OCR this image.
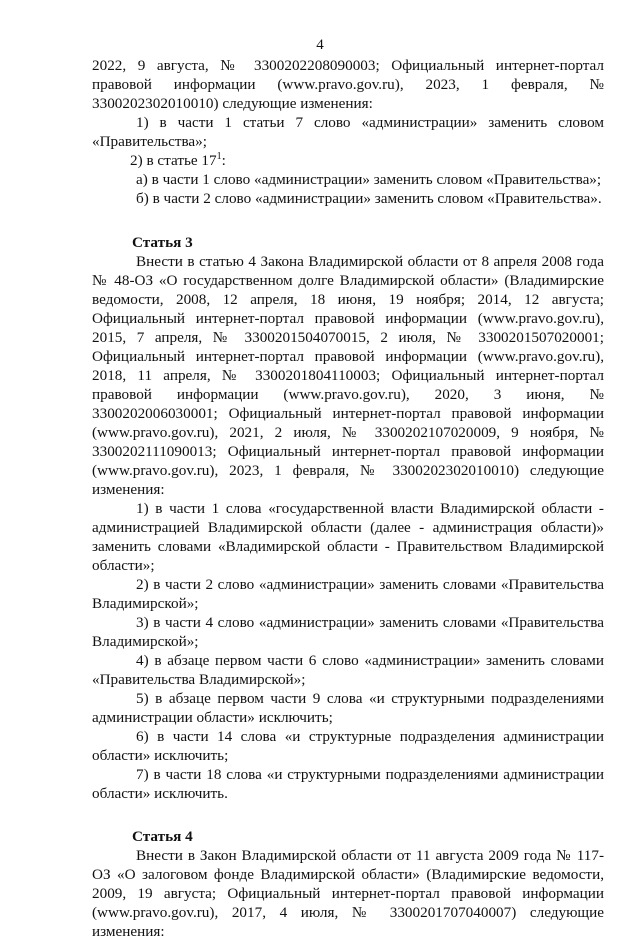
4

2022, 9 августа, № 3300202208090003; Официальный интернет-портал правовой информации (www.pravo.gov.ru), 2023, 1 февраля, № 3300202302010010) следующие изменения:

1) в части 1 статьи 7 слово «администрации» заменить словом «Правительства»;

2) в статье $17^1$:

а) в части 1 слово «администрации» заменить словом «Правительства»;

б) в части 2 слово «администрации» заменить словом «Правительства».

Статья 3

Внести в статью 4 Закона Владимирской области от 8 апреля 2008 года № 48-ОЗ «О государственном долге Владимирской области» (Владимирские ведомости, 2008, 12 апреля, 18 июня, 19 ноября; 2014, 12 августа; Официальный интернет-портал правовой информации (www.pravo.gov.ru), 2015, 7 апреля, № 3300201504070015, 2 июля, № 3300201507020001; Официальный интернет-портал правовой информации (www.pravo.gov.ru), 2018, 11 апреля, № 3300201804110003; Официальный интернет-портал правовой информации (www.pravo.gov.ru), 2020, 3 июня, № 3300202006030001; Официальный интернет-портал правовой информации (www.pravo.gov.ru), 2021, 2 июля, № 3300202107020009, 9 ноября, № 3300202111090013; Официальный интернет-портал правовой информации (www.pravo.gov.ru), 2023, 1 февраля, № 3300202302010010) следующие изменения:

1) в части 1 слова «государственной власти Владимирской области - администрацией Владимирской области (далее - администрация области)» заменить словами «Владимирской области - Правительством Владимирской области»;

2) в части 2 слово «администрации» заменить словами «Правительства Владимирской»;

3) в части 4 слово «администрации» заменить словами «Правительства Владимирской»;

4) в абзаце первом части 6 слово «администрации» заменить словами «Правительства Владимирской»;

5) в абзаце первом части 9 слова «и структурными подразделениями администрации области» исключить;

6) в части 14 слова «и структурные подразделения администрации области» исключить;

7) в части 18 слова «и структурными подразделениями администрации области» исключить.

Статья 4

Внести в Закон Владимирской области от 11 августа 2009 года № 117-ОЗ «О залоговом фонде Владимирской области» (Владимирские ведомости, 2009, 19 августа; Официальный интернет-портал правовой информации (www.pravo.gov.ru), 2017, 4 июля, № 3300201707040007) следующие изменения:
